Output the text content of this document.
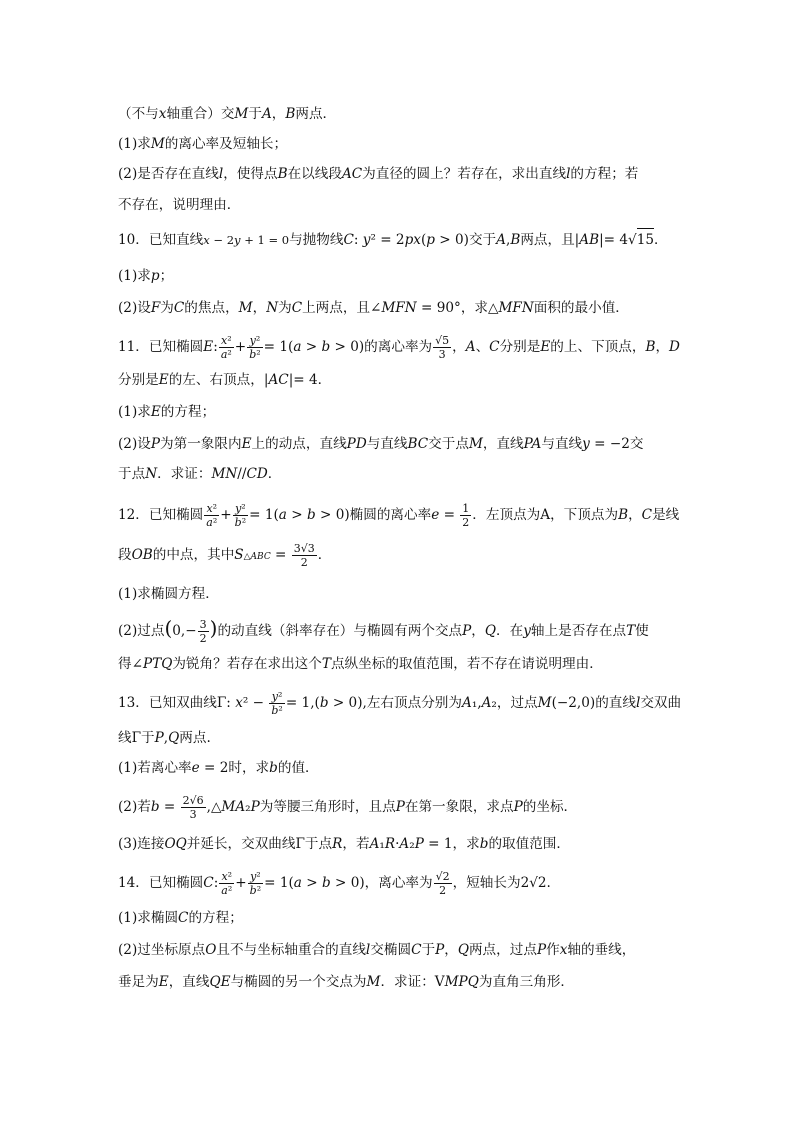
（不与x轴重合）交M于A，B两点．
(1)求M的离心率及短轴长；
(2)是否存在直线l，使得点B在以线段AC为直径的圆上？若存在，求出直线l的方程；若
不存在，说明理由．
10．已知直线x − 2y + 1 = 0与抛物线C: y² = 2px(p > 0)交于A,B两点，且|AB|= 4√15．
(1)求p；
(2)设F为C的焦点，M，N为C上两点，且∠MFN = 90°，求△MFN面积的最小值．
11．已知椭圆E: $\frac{\text{x²}}{\text{a²}} + \frac{\text{y²}}{\text{b²}} = 1(a > b > 0)$的离心率为 $\frac{√5}{3}$ ，A、C分别是E的上、下顶点，B，D
分别是E的左、右顶点，|AC|= 4．
(1)求E的方程；
(2)设P为第一象限内E上的动点，直线PD与直线BC交于点M，直线PA与直线y = −2交
于点N．求证：MN//CD．
12．已知椭圆 $\frac{\text{x²}}{\text{a²}} + \frac{\text{y²}}{\text{b²}} = 1(a > b > 0)$椭圆的离心率$e = \frac{1}{2}$ ．左顶点为A，下顶点为B，C是线
段OB的中点，其中S△ABC = $\frac{3√3}{2}$ ．
(1)求椭圆方程．
(2)过点($0,- \frac{3}{2}$ )的动直线（斜率存在）与椭圆有两个交点P，Q．在y轴上是否存在点T使
得∠PTQ为锐角？若存在求出这个T点纵坐标的取值范围，若不存在请说明理由．
13．已知双曲线Γ: $x^2 - \frac{\text{y²}}{\text{b²}} = 1,(b > 0)$,左右顶点分别为A₁,A₂，过点M(−2,0)的直线l交双曲
线Γ于P,Q两点.
(1)若离心率e = 2时，求b的值．
(2)若$b = \frac{2√6}{3}$ ,△MA₂P为等腰三角形时，且点P在第一象限，求点P的坐标．
(3)连接OQ并延长，交双曲线Γ于点R，若A₁R·A₂P = 1，求b的取值范围．
14．已知椭圆C: $\frac{\text{x²}}{\text{a²}} + \frac{\text{y²}}{\text{b²}} = 1(a > b > 0)$，离心率为 $\frac{√2}{2}$ ，短轴长为2√2.
(1)求椭圆C的方程；
(2)过坐标原点O且不与坐标轴重合的直线l交椭圆C于P，Q两点，过点P作x轴的垂线，
垂足为E，直线QE与椭圆的另一个交点为M．求证：VMPQ为直角三角形．
